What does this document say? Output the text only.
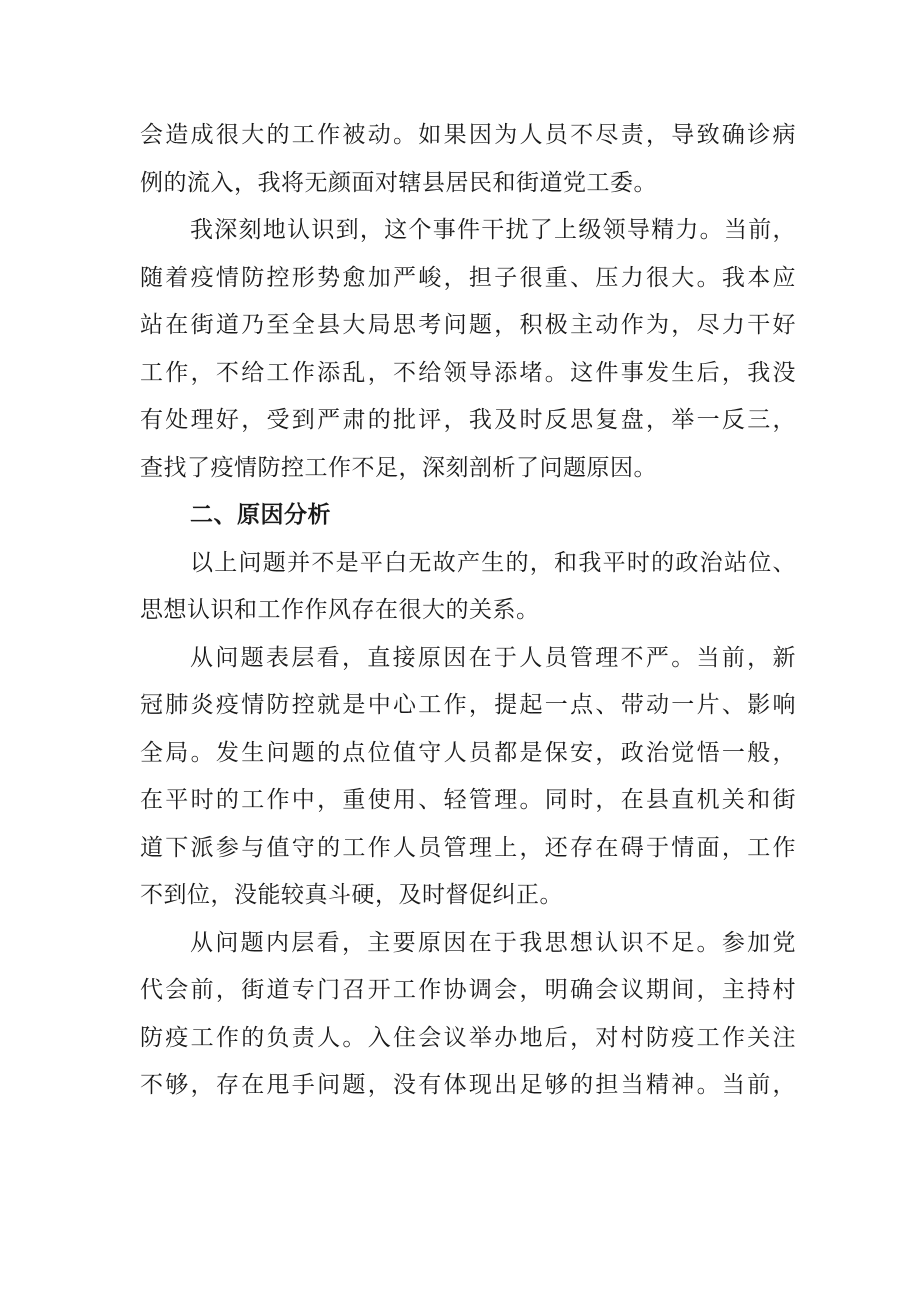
会造成很大的工作被动。如果因为人员不尽责，导致确诊病
例的流入，我将无颜面对辖县居民和街道党工委。
我深刻地认识到，这个事件干扰了上级领导精力。当前，
随着疫情防控形势愈加严峻，担子很重、压力很大。我本应
站在街道乃至全县大局思考问题，积极主动作为，尽力干好
工作，不给工作添乱，不给领导添堵。这件事发生后，我没
有处理好，受到严肃的批评，我及时反思复盘，举一反三，
查找了疫情防控工作不足，深刻剖析了问题原因。
二、原因分析
以上问题并不是平白无故产生的，和我平时的政治站位、
思想认识和工作作风存在很大的关系。
从问题表层看，直接原因在于人员管理不严。当前，新
冠肺炎疫情防控就是中心工作，提起一点、带动一片、影响
全局。发生问题的点位值守人员都是保安，政治觉悟一般，
在平时的工作中，重使用、轻管理。同时，在县直机关和街
道下派参与值守的工作人员管理上，还存在碍于情面，工作
不到位，没能较真斗硬，及时督促纠正。
从问题内层看，主要原因在于我思想认识不足。参加党
代会前，街道专门召开工作协调会，明确会议期间，主持村
防疫工作的负责人。入住会议举办地后，对村防疫工作关注
不够，存在甩手问题，没有体现出足够的担当精神。当前，
